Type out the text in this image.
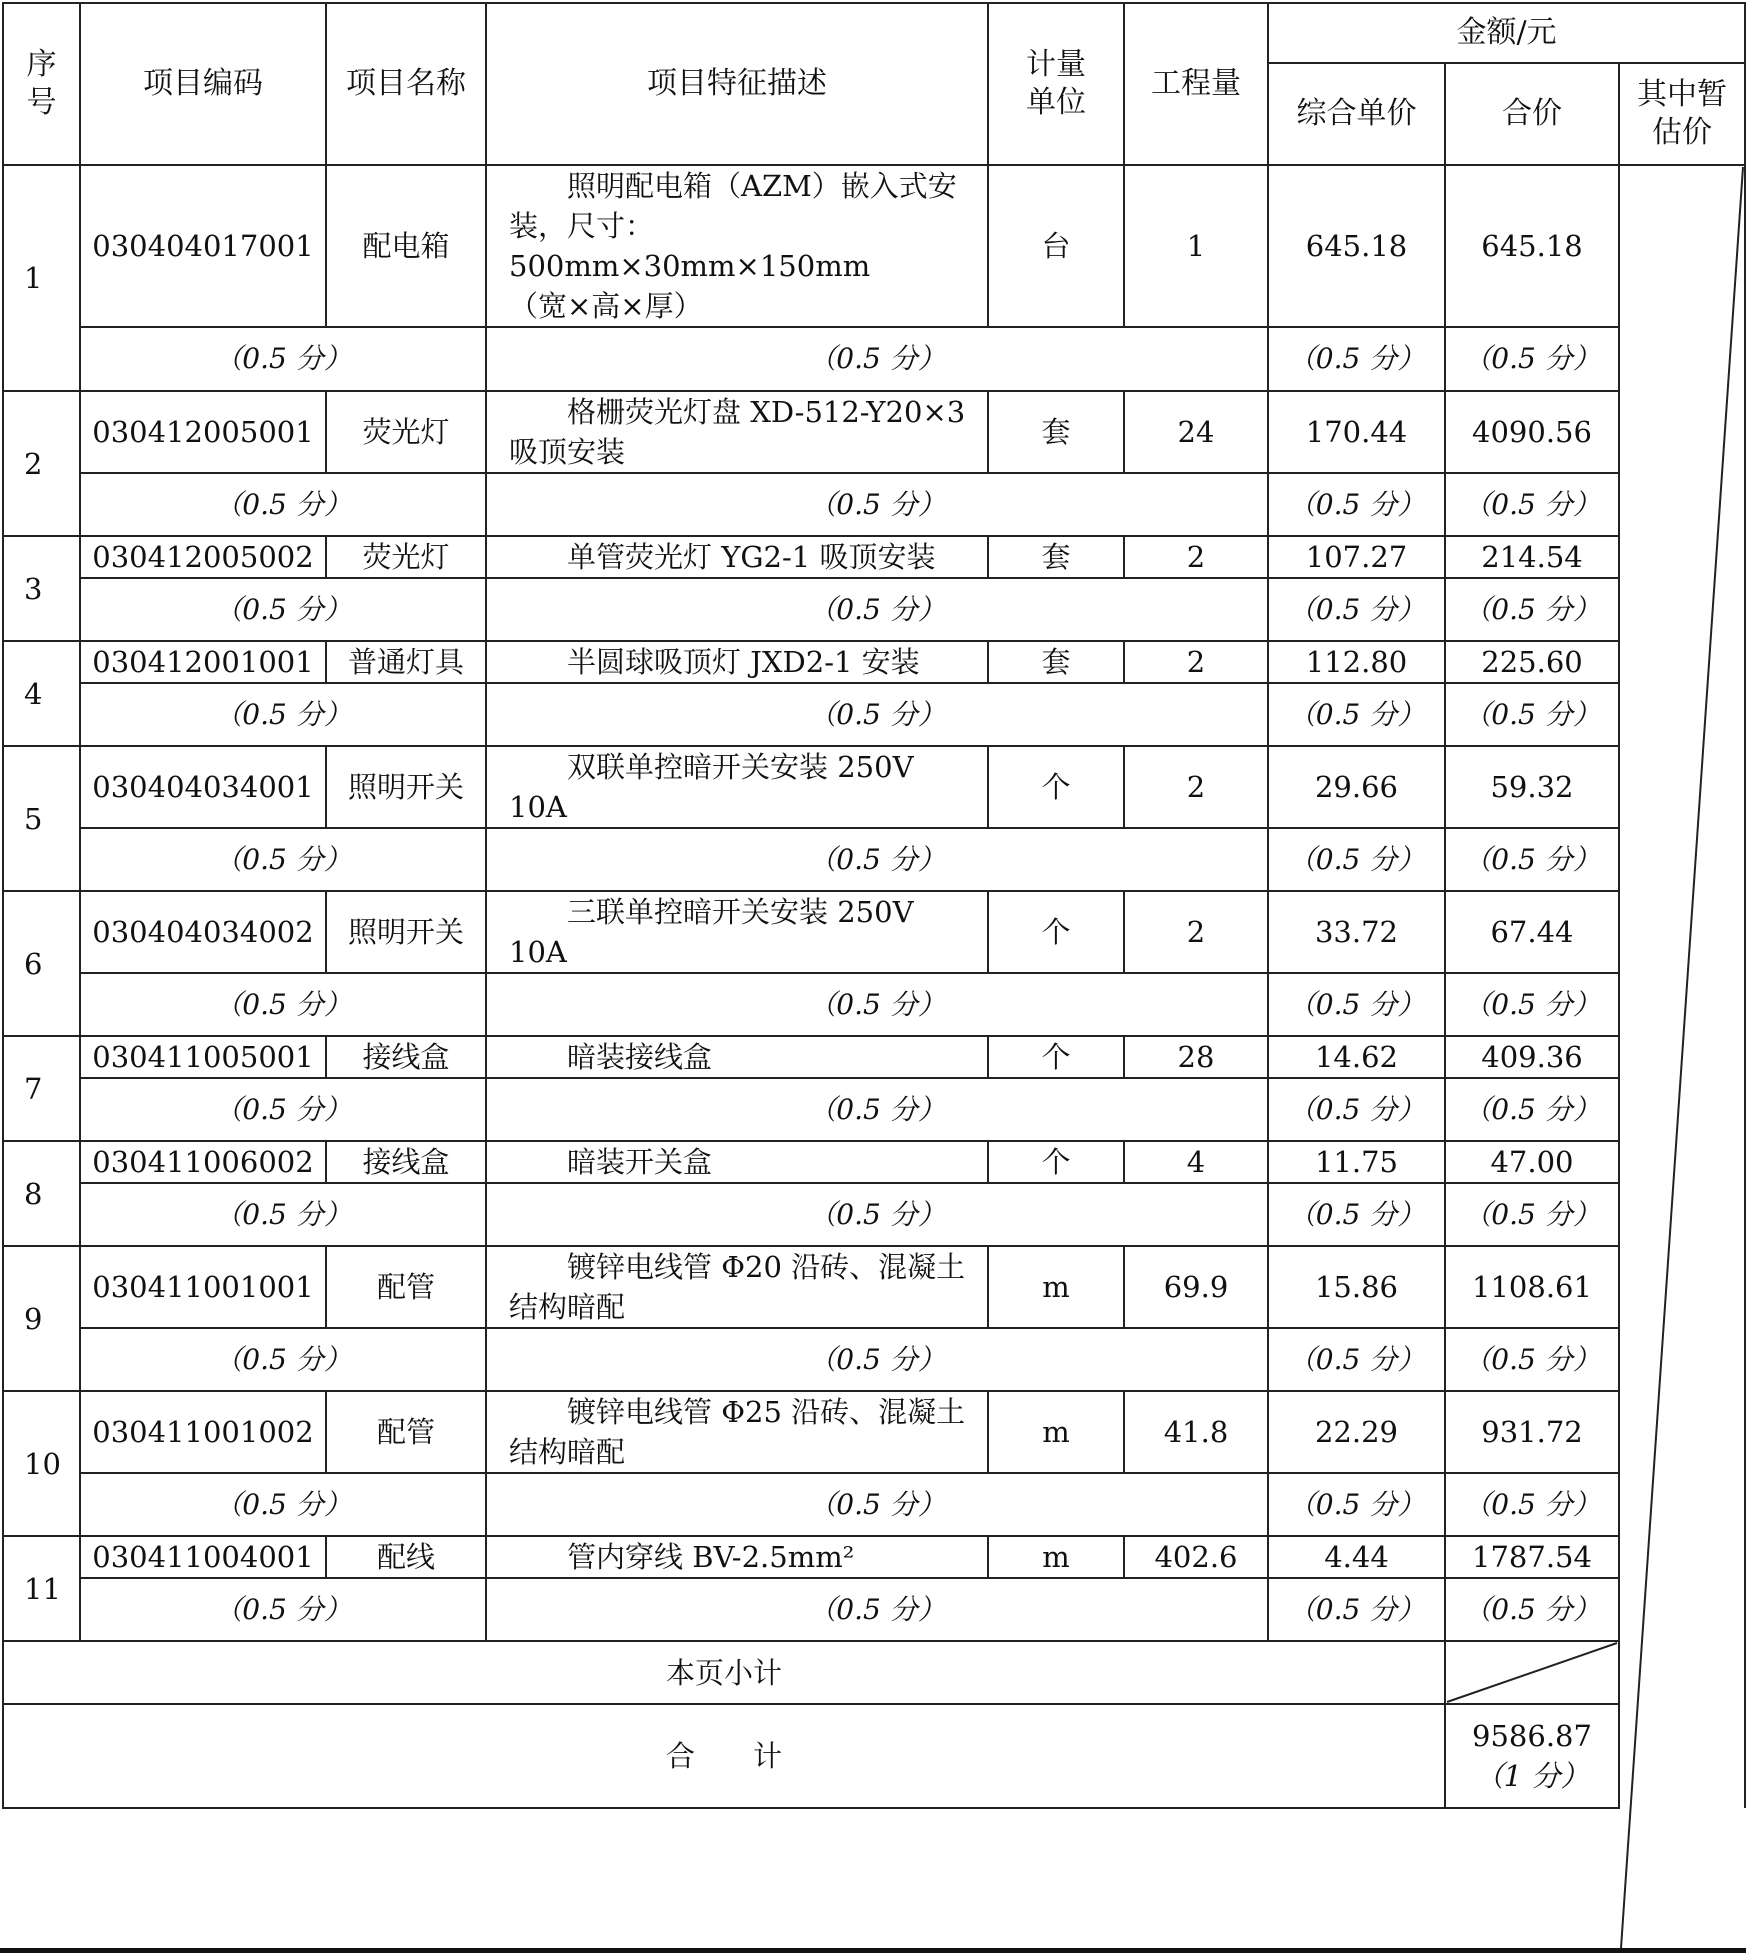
序
号	项目编码	项目名称	项目特征描述	计量
单位	工程量	金额/元		
						综合单价	合价	其中暂
估价
1	030404017001	配电箱	照明配电箱（AZM）嵌入式安
装，尺寸：500mm×30mm×150mm
（宽×高×厚）	台	1	645.18	645.18	
	（0.5 分）		（0.5 分）			（0.5 分）	（0.5 分）	
2	030412005001	荧光灯	格栅荧光灯盘 XD-512-Y20×3
吸顶安装	套	24	170.44	4090.56	
	（0.5 分）		（0.5 分）			（0.5 分）	（0.5 分）	
3	030412005002	荧光灯	单管荧光灯 YG2-1 吸顶安装	套	2	107.27	214.54	
	（0.5 分）		（0.5 分）			（0.5 分）	（0.5 分）	
4	030412001001	普通灯具	半圆球吸顶灯 JXD2-1 安装	套	2	112.80	225.60	
	（0.5 分）		（0.5 分）			（0.5 分）	（0.5 分）	
5	030404034001	照明开关	双联单控暗开关安装 250V
10A	个	2	29.66	59.32	
	（0.5 分）		（0.5 分）			（0.5 分）	（0.5 分）	
6	030404034002	照明开关	三联单控暗开关安装 250V
10A	个	2	33.72	67.44	
	（0.5 分）		（0.5 分）			（0.5 分）	（0.5 分）	
7	030411005001	接线盒	暗装接线盒	个	28	14.62	409.36	
	（0.5 分）		（0.5 分）			（0.5 分）	（0.5 分）	
8	030411006002	接线盒	暗装开关盒	个	4	11.75	47.00	
	（0.5 分）		（0.5 分）			（0.5 分）	（0.5 分）	
9	030411001001	配管	镀锌电线管 Φ20 沿砖、混凝土
结构暗配	m	69.9	15.86	1108.61	
	（0.5 分）		（0.5 分）			（0.5 分）	（0.5 分）	
10	030411001002	配管	镀锌电线管 Φ25 沿砖、混凝土
结构暗配	m	41.8	22.29	931.72	
	（0.5 分）		（0.5 分）			（0.5 分）	（0.5 分）	
11	030411004001	配线	管内穿线 BV-2.5mm²	m	402.6	4.44	1787.54	
	（0.5 分）		（0.5 分）			（0.5 分）	（0.5 分）	
本页小计								
合　　计							9586.87
（1 分）	
